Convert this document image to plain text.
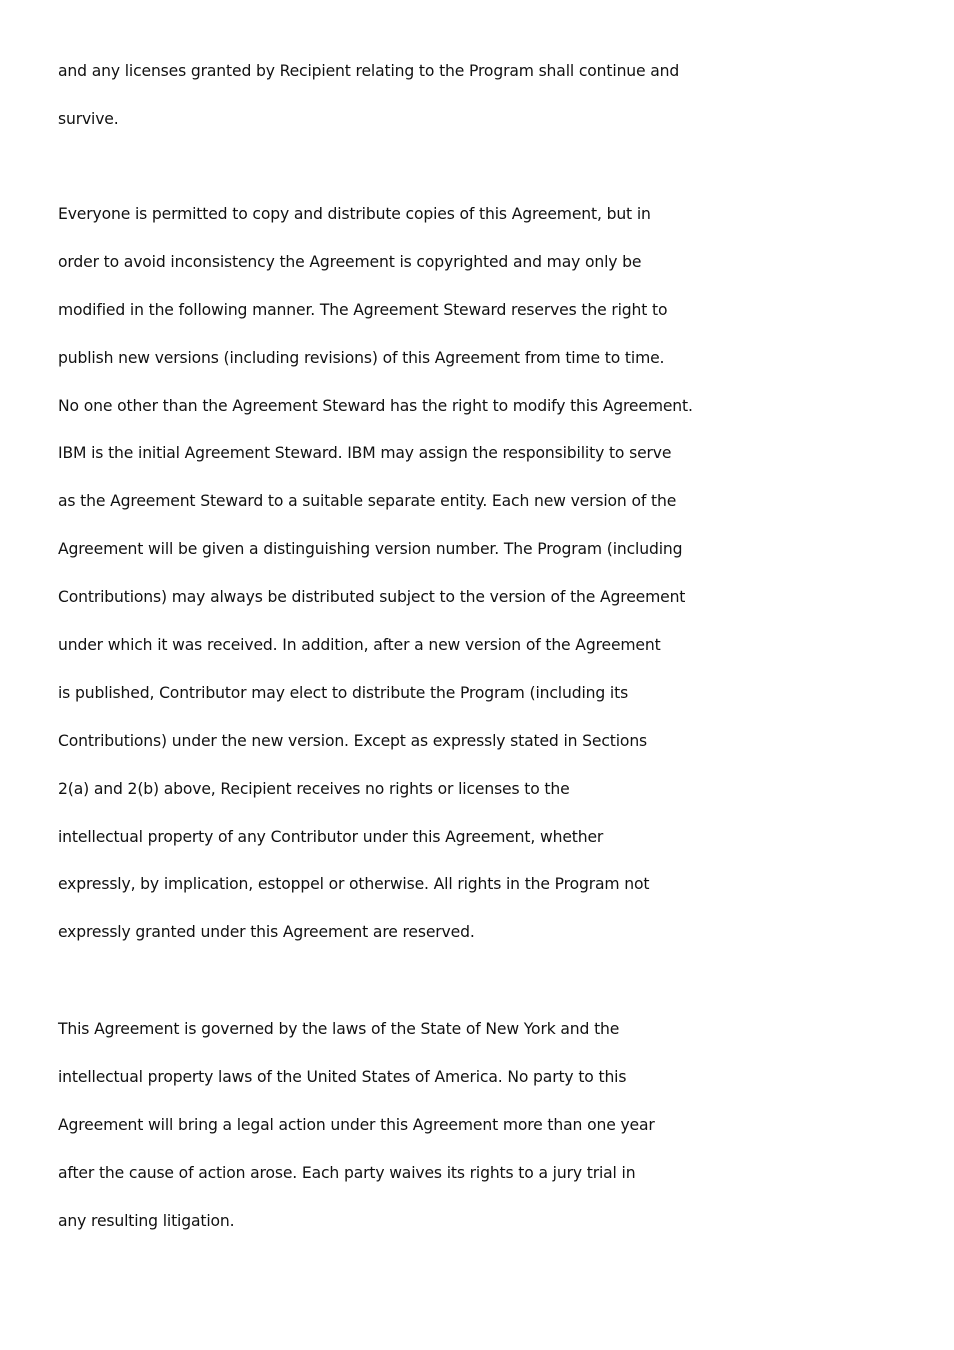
and any licenses granted by Recipient relating to the Program shall continue and
survive.
Everyone is permitted to copy and distribute copies of this Agreement, but in
order to avoid inconsistency the Agreement is copyrighted and may only be
modified in the following manner. The Agreement Steward reserves the right to
publish new versions (including revisions) of this Agreement from time to time.
No one other than the Agreement Steward has the right to modify this Agreement.
IBM is the initial Agreement Steward. IBM may assign the responsibility to serve
as the Agreement Steward to a suitable separate entity. Each new version of the
Agreement will be given a distinguishing version number. The Program (including
Contributions) may always be distributed subject to the version of the Agreement
under which it was received. In addition, after a new version of the Agreement
is published, Contributor may elect to distribute the Program (including its
Contributions) under the new version. Except as expressly stated in Sections
2(a) and 2(b) above, Recipient receives no rights or licenses to the
intellectual property of any Contributor under this Agreement, whether
expressly, by implication, estoppel or otherwise. All rights in the Program not
expressly granted under this Agreement are reserved.
This Agreement is governed by the laws of the State of New York and the
intellectual property laws of the United States of America. No party to this
Agreement will bring a legal action under this Agreement more than one year
after the cause of action arose. Each party waives its rights to a jury trial in
any resulting litigation.
